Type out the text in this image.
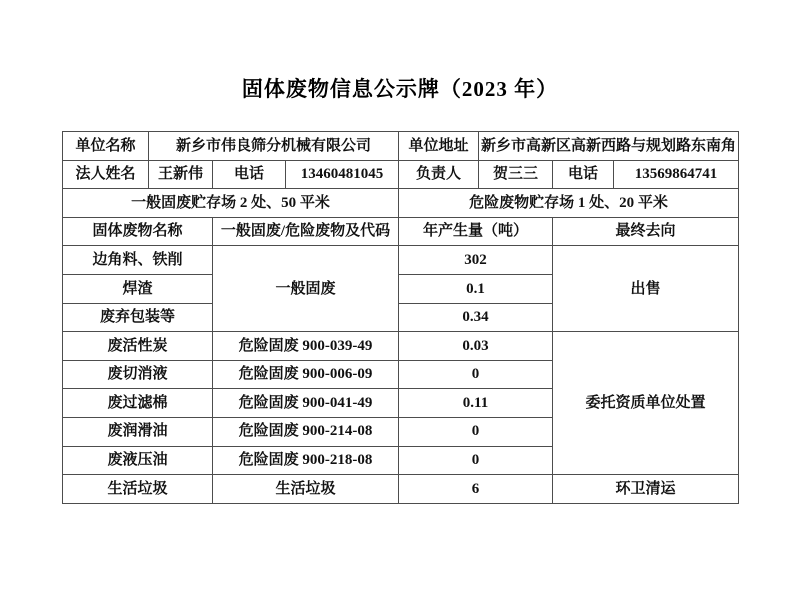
固体废物信息公示牌（2023 年）
单位名称	新乡市伟良筛分机械有限公司			单位地址	新乡市高新区高新西路与规划路东南角		
法人姓名	王新伟	电话	13460481045	负责人	贺三三	电话	13569864741
一般固废贮存场 2 处、50 平米				危险废物贮存场 1 处、20 平米			
固体废物名称		一般固废/危险废物及代码		年产生量（吨）		最终去向	
边角料、铁削		一般固废		302		出售	
焊渣				0.1			
废弃包装等				0.34			
废活性炭		危险固废 900-039-49		0.03		委托资质单位处置	
废切消液		危险固废 900-006-09		0			
废过滤棉		危险固废 900-041-49		0.11			
废润滑油		危险固废 900-214-08		0			
废液压油		危险固废 900-218-08		0			
生活垃圾		生活垃圾		6		环卫清运	
